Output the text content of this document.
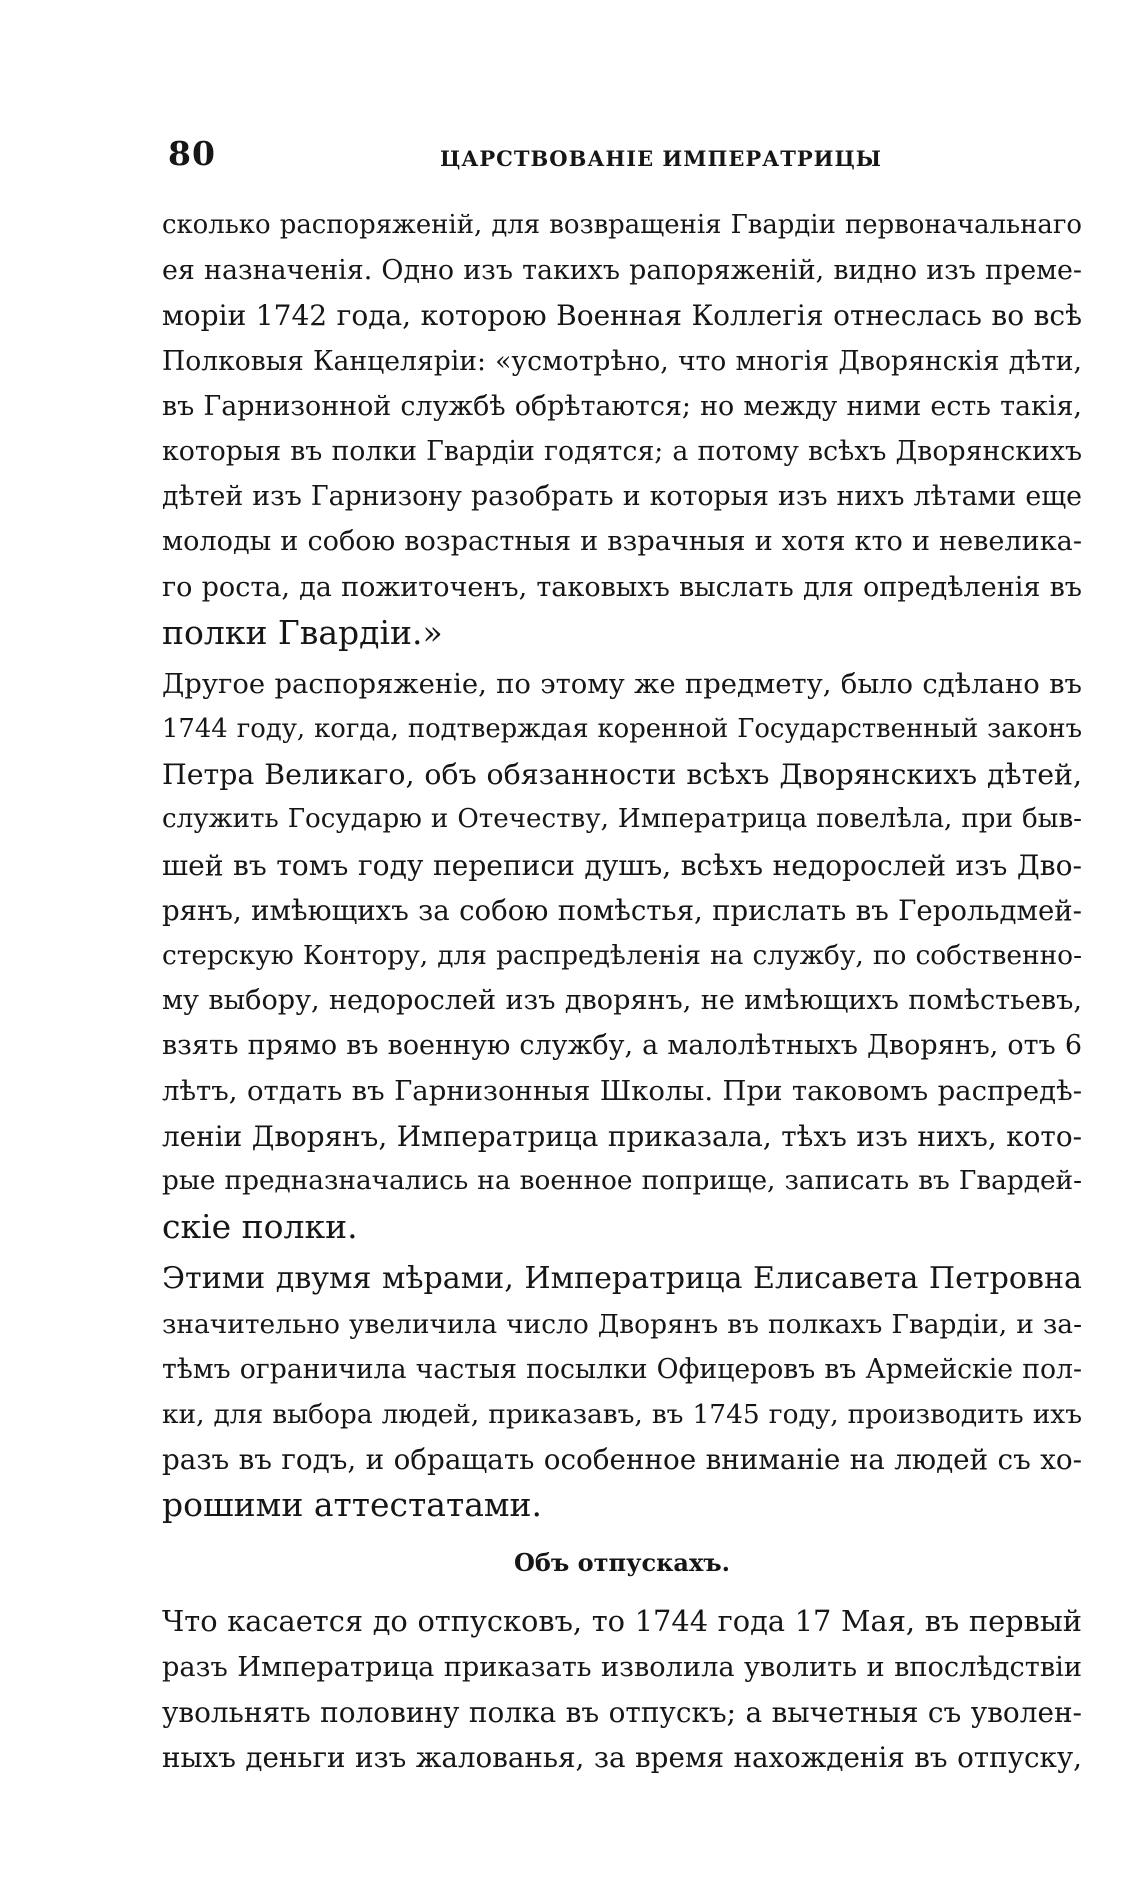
80	ЦАРСТВОВАНIЕ ИМПЕРАТРИЦЫ
сколько распоряженій, для возвращенія Гвардіи первоначальнаго
ея назначенія. Одно изъ такихъ рапоряженій, видно изъ преме-
моріи 1742 года, которою Военная Коллегія отнеслась во всѣ
Полковыя Канцеляріи: «усмотрѣно, что многія Дворянскія дѣти,
въ Гарнизонной службѣ обрѣтаются; но между ними есть такія,
которыя въ полки Гвардіи годятся; а потому всѣхъ Дворянскихъ
дѣтей изъ Гарнизону разобрать и которыя изъ нихъ лѣтами еще
молоды и собою возрастныя и взрачныя и хотя кто и невелика-
го роста, да пожиточенъ, таковыхъ выслать для опредѣленія въ
полки Гвардіи.»
Другое распоряженіе, по этому же предмету, было сдѣлано въ
1744 году, когда, подтверждая коренной Государственный законъ
Петра Великаго, объ обязанности всѣхъ Дворянскихъ дѣтей,
служить Государю и Отечеству, Императрица повелѣла, при быв-
шей въ томъ году переписи душъ, всѣхъ недорослей изъ Дво-
рянъ, имѣющихъ за собою помѣстья, прислать въ Герольдмей-
стерскую Контору, для распредѣленія на службу, по собственно-
му выбору, недорослей изъ дворянъ, не имѣющихъ помѣстьевъ,
взять прямо въ военную службу, а малолѣтныхъ Дворянъ, отъ 6
лѣтъ, отдать въ Гарнизонныя Школы. При таковомъ распредѣ-
леніи Дворянъ, Императрица приказала, тѣхъ изъ нихъ, кото-
рые предназначались на военное поприще, записать въ Гвардей-
скіе полки.
Этими двумя мѣрами, Императрица Елисавета Петровна
значительно увеличила число Дворянъ въ полкахъ Гвардіи, и за-
тѣмъ ограничила частыя посылки Офицеровъ въ Армейскіе пол-
ки, для выбора людей, приказавъ, въ 1745 году, производить ихъ
разъ въ годъ, и обращать особенное вниманіе на людей съ хо-
рошими аттестатами.
Объ отпускахъ.
Что касается до отпусковъ, то 1744 года 17 Мая, въ первый
разъ Императрица приказать изволила уволить и впослѣдствіи
увольнять половину полка въ отпускъ; а вычетныя съ уволен-
ныхъ деньги изъ жалованья, за время нахожденія въ отпуску,
